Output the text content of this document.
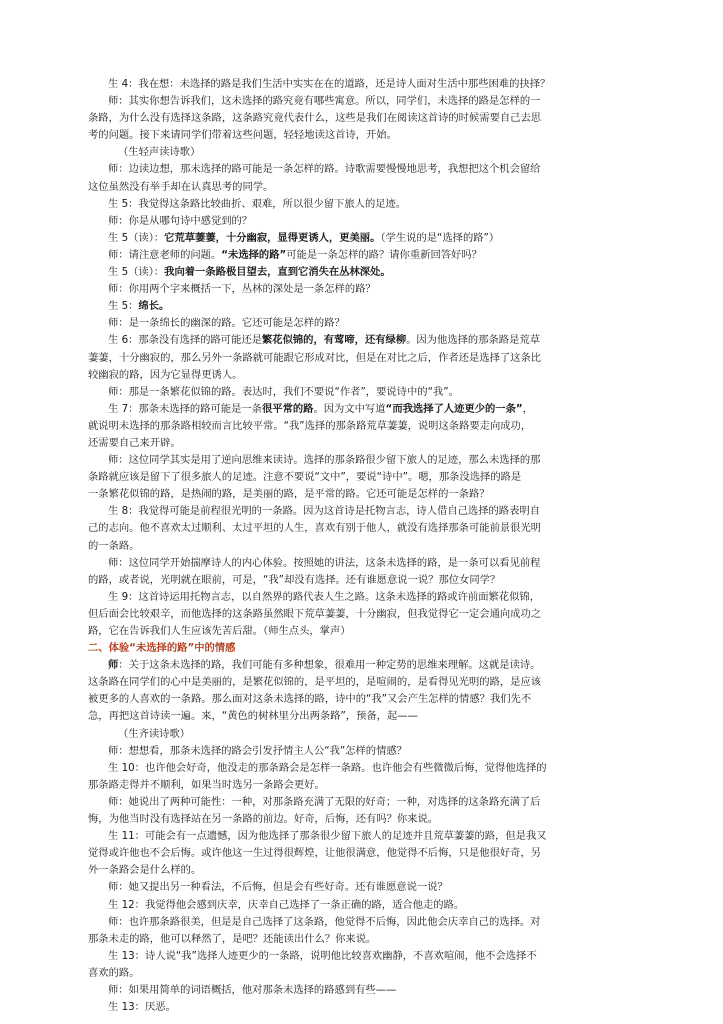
生 4：我在想：未选择的路是我们生活中实实在在的道路，还是诗人面对生活中那些困难的抉择？
师：其实你想告诉我们，这未选择的路究竟有哪些寓意。所以，同学们，未选择的路是怎样的一
条路，为什么没有选择这条路，这条路究竟代表什么，这些是我们在阅读这首诗的时候需要自己去思
考的问题。接下来请同学们带着这些问题，轻轻地读这首诗，开始。
（生轻声读诗歌）
师：边读边想，那未选择的路可能是一条怎样的路。诗歌需要慢慢地思考，我想把这个机会留给
这位虽然没有举手却在认真思考的同学。
生 5：我觉得这条路比较曲折、艰难，所以很少留下旅人的足迹。
师：你是从哪句诗中感觉到的？
生 5（读）：它荒草萋萋，十分幽寂，显得更诱人，更美丽。（学生说的是“选择的路”）
师：请注意老师的问题。“未选择的路”可能是一条怎样的路？请你重新回答好吗？
生 5（读）：我向着一条路极目望去，直到它消失在丛林深处。
师：你用两个字来概括一下，丛林的深处是一条怎样的路？
生 5：绵长。
师：是一条绵长的幽深的路。它还可能是怎样的路？
生 6：那条没有选择的路可能还是繁花似锦的，有莺啼，还有绿柳。因为他选择的那条路是荒草
萋萋，十分幽寂的，那么另外一条路就可能跟它形成对比，但是在对比之后，作者还是选择了这条比
较幽寂的路，因为它显得更诱人。
师：那是一条繁花似锦的路。表达时，我们不要说“作者”，要说诗中的“我”。
生 7：那条未选择的路可能是一条很平常的路。因为文中写道“而我选择了人迹更少的一条”，
就说明未选择的那条路相较而言比较平常。“我”选择的那条路荒草萋萋，说明这条路要走向成功，
还需要自己来开辟。
师：这位同学其实是用了逆向思维来读诗。选择的那条路很少留下旅人的足迹，那么未选择的那
条路就应该是留下了很多旅人的足迹。注意不要说“文中”，要说“诗中”。嗯，那条没选择的路是
一条繁花似锦的路，是热闹的路，是美丽的路，是平常的路。它还可能是怎样的一条路？
生 8：我觉得可能是前程很光明的一条路。因为这首诗是托物言志，诗人借自己选择的路表明自
己的志向。他不喜欢太过顺利、太过平坦的人生，喜欢有别于他人，就没有选择那条可能前景很光明
的一条路。
师：这位同学开始揣摩诗人的内心体验。按照她的讲法，这条未选择的路，是一条可以看见前程
的路，或者说，光明就在眼前，可是，“我”却没有选择。还有谁愿意说一说？那位女同学？
生 9：这首诗运用托物言志，以自然界的路代表人生之路。这条未选择的路或许前面繁花似锦，
但后面会比较艰辛，而他选择的这条路虽然眼下荒草萋萋，十分幽寂，但我觉得它一定会通向成功之
路，它在告诉我们人生应该先苦后甜。（师生点头，掌声）
二、体验“未选择的路”中的情感
师：关于这条未选择的路，我们可能有多种想象，很难用一种定势的思维来理解。这就是读诗。
这条路在同学们的心中是美丽的，是繁花似锦的，是平坦的，是喧闹的，是看得见光明的路，是应该
被更多的人喜欢的一条路。那么面对这条未选择的路，诗中的“我”又会产生怎样的情感？我们先不
急，再把这首诗读一遍。来，“黄色的树林里分出两条路”，预备，起——
（生齐读诗歌）
师：想想看，那条未选择的路会引发抒情主人公“我”怎样的情感？
生 10：也许他会好奇，他没走的那条路会是怎样一条路。也许他会有些微微后悔，觉得他选择的
那条路走得并不顺利，如果当时选另一条路会更好。
师：她说出了两种可能性：一种，对那条路充满了无限的好奇；一种，对选择的这条路充满了后
悔，为他当时没有选择站在另一条路的前边。好奇，后悔，还有吗？你来说。
生 11：可能会有一点遗憾，因为他选择了那条很少留下旅人的足迹并且荒草萋萋的路，但是我又
觉得或许他也不会后悔。或许他这一生过得很辉煌，让他很满意，他觉得不后悔，只是他很好奇，另
外一条路会是什么样的。
师：她又提出另一种看法，不后悔，但是会有些好奇。还有谁愿意说一说？
生 12：我觉得他会感到庆幸，庆幸自己选择了一条正确的路，适合他走的路。
师：也许那条路很美，但是是自己选择了这条路，他觉得不后悔，因此他会庆幸自己的选择。对
那条未走的路，他可以释然了，是吧？还能读出什么？你来说。
生 13：诗人说“我”选择人迹更少的一条路，说明他比较喜欢幽静，不喜欢喧闹，他不会选择不
喜欢的路。
师：如果用简单的词语概括，他对那条未选择的路感到有些——
生 13：厌恶。
